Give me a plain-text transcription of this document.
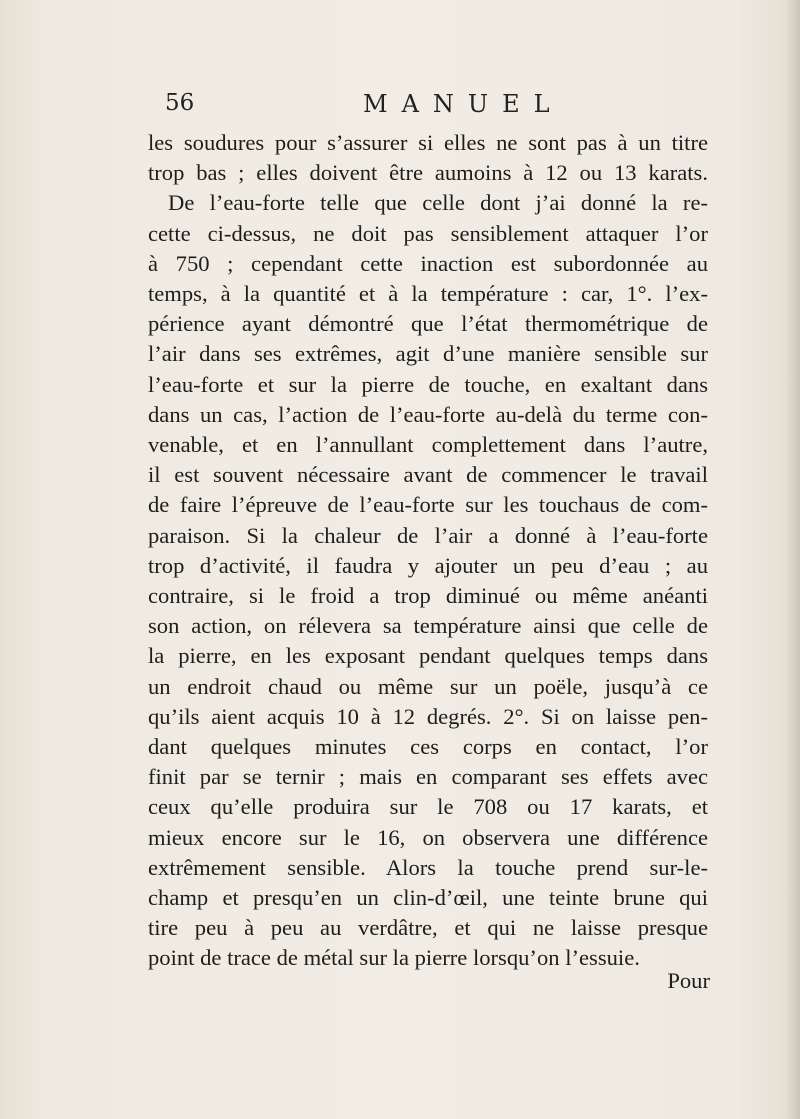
56	MANUEL
les soudures pour s’assurer si elles ne sont pas à un titre
trop bas ; elles doivent être aumoins à 12 ou 13 karats.
De l’eau-forte telle que celle dont j’ai donné la re-
cette ci-dessus, ne doit pas sensiblement attaquer l’or
à 750 ; cependant cette inaction est subordonnée au
temps, à la quantité et à la température : car, 1°. l’ex-
périence ayant démontré que l’état thermométrique de
l’air dans ses extrêmes, agit d’une manière sensible sur
l’eau-forte et sur la pierre de touche, en exaltant dans
dans un cas, l’action de l’eau-forte au-delà du terme con-
venable, et en l’annullant complettement dans l’autre,
il est souvent nécessaire avant de commencer le travail
de faire l’épreuve de l’eau-forte sur les touchaus de com-
paraison. Si la chaleur de l’air a donné à l’eau-forte
trop d’activité, il faudra y ajouter un peu d’eau ; au
contraire, si le froid a trop diminué ou même anéanti
son action, on rélevera sa température ainsi que celle de
la pierre, en les exposant pendant quelques temps dans
un endroit chaud ou même sur un poële, jusqu’à ce
qu’ils aient acquis 10 à 12 degrés. 2°. Si on laisse pen-
dant quelques minutes ces corps en contact, l’or
finit par se ternir ; mais en comparant ses effets avec
ceux qu’elle produira sur le 708 ou 17 karats, et
mieux encore sur le 16, on observera une différence
extrêmement sensible. Alors la touche prend sur-le-
champ et presqu’en un clin-d’œil, une teinte brune qui
tire peu à peu au verdâtre, et qui ne laisse presque
point de trace de métal sur la pierre lorsqu’on l’essuie.
Pour
